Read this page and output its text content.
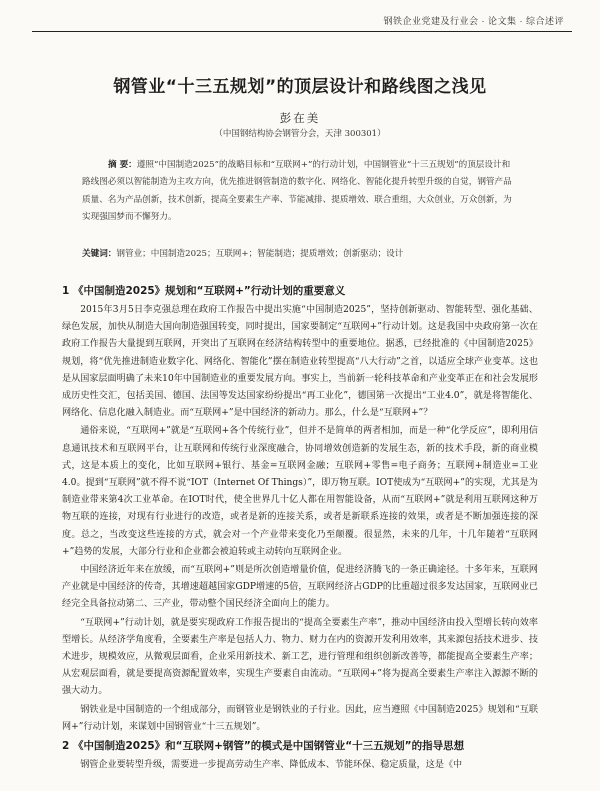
钢铁企业党建及行业会 · 论文集 · 综合述评
钢管业“十三五规划”的顶层设计和路线图之浅见
彭在美
（中国钢结构协会钢管分会，天津 300301）
摘 要：遵照“中国制造2025”的战略目标和“互联网+”的行动计划，中国钢管业“十三五规划”的顶层设计和路线图必须以智能制造为主攻方向，优先推进钢管制造的数字化、网络化、智能化提升转型升级的自觉，钢管产品质量、名为产品创新，技术创新，提高全要素生产率、节能减排、提质增效、联合重组，大众创业，万众创新，为实现强国梦而不懈努力。
关键词：钢管业；中国制造2025；互联网+；智能制造；提质增效；创新驱动；设计
1 《中国制造2025》规划和“互联网+”行动计划的重要意义

2015年3月5日李克强总理在政府工作报告中提出实施“中国制造2025”，坚持创新驱动、智能转型、强化基础、绿色发展，加快从制造大国向制造强国转变，同时提出，国家要制定“互联网+”行动计划。这是我国中央政府第一次在政府工作报告大量提到互联网，开突出了互联网在经济结构转型中的重要地位。据悉，已经批准的《中国制造2025》规划，将“优先推进制造业数字化、网络化、智能化”摆在制造业转型提高“八大行动”之首，以适应全球产业变革。这也是从国家层面明确了未来10年中国制造业的重要发展方向。事实上，当前新一轮科技革命和产业变革正在和社会发展形成历史性交汇，包括美国、德国、法国等发达国家纷纷提出“再工业化”，德国第一次提出“工业4.0”，就是将智能化、网络化、信息化融入制造业。而“互联网+”是中国经济的新动力。那么，什么是“互联网+”？

通俗来说，“互联网+”就是“互联网+各个传统行业”，但并不是简单的两者相加，而是一种“化学反应”，即利用信息通讯技术和互联网平台，让互联网和传统行业深度融合，协同增效创造新的发展生态，新的技术手段，新的商业模式，这是本质上的变化，比如互联网+银行、基金=互联网金融；互联网+零售=电子商务；互联网+制造业=工业4.0。提到“互联网”就不得不说“IOT（Internet Of Things）”，即万物互联。IOT使成为“互联网+”的实现，尤其是为制造业带来第4次工业革命。在IOT时代，使全世界几十亿人都在用智能设备，从而“互联网+”就是利用互联网这种万物互联的连接，对现有行业进行的改造，或者是新的连接关系，或者是新联系连接的效果，或者是不断加强连接的深度。总之，当改变这些连接的方式，就会对一个产业带来变化乃至颠覆。很显然，未来的几年，十几年随着“互联网+”趋势的发展，大部分行业和企业都会被迫转或主动转向互联网企业。

中国经济近年来在放缓，而“互联网+”则是所次创造增量价值，促进经济腾飞的一条正确途径。十多年来，互联网产业就是中国经济的传奇，其增速超越国家GDP增速的5倍，互联网经济占GDP的比重超过很多发达国家，互联网业已经完全具备拉动第二、三产业，带动整个国民经济全面向上的能力。

“互联网+”行动计划，就是要实现政府工作报告提出的“提高全要素生产率”，推动中国经济由投入型增长转向效率型增长。从经济学角度看，全要素生产率是包括人力、物力、财力在内的资源开发利用效率，其来源包括技术进步、技术进步，规模效应，从微观层面看，企业采用新技术、新工艺，进行管理和组织创新改善等，都能提高全要素生产率；从宏观层面看，就是要提高资源配置效率，实现生产要素自由流动。“互联网+”将为提高全要素生产率注入源源不断的强大动力。

钢铁业是中国制造的一个组成部分，而钢管业是钢铁业的子行业。因此，应当遵照《中国制造2025》规划和“互联网+”行动计划，来谋划中国钢管业“十三五规划”。

2 《中国制造2025》和“互联网+钢管”的模式是中国钢管业“十三五规划”的指导思想

钢管企业要转型升级，需要进一步提高劳动生产率、降低成本、节能环保、稳定质量，这是《中
